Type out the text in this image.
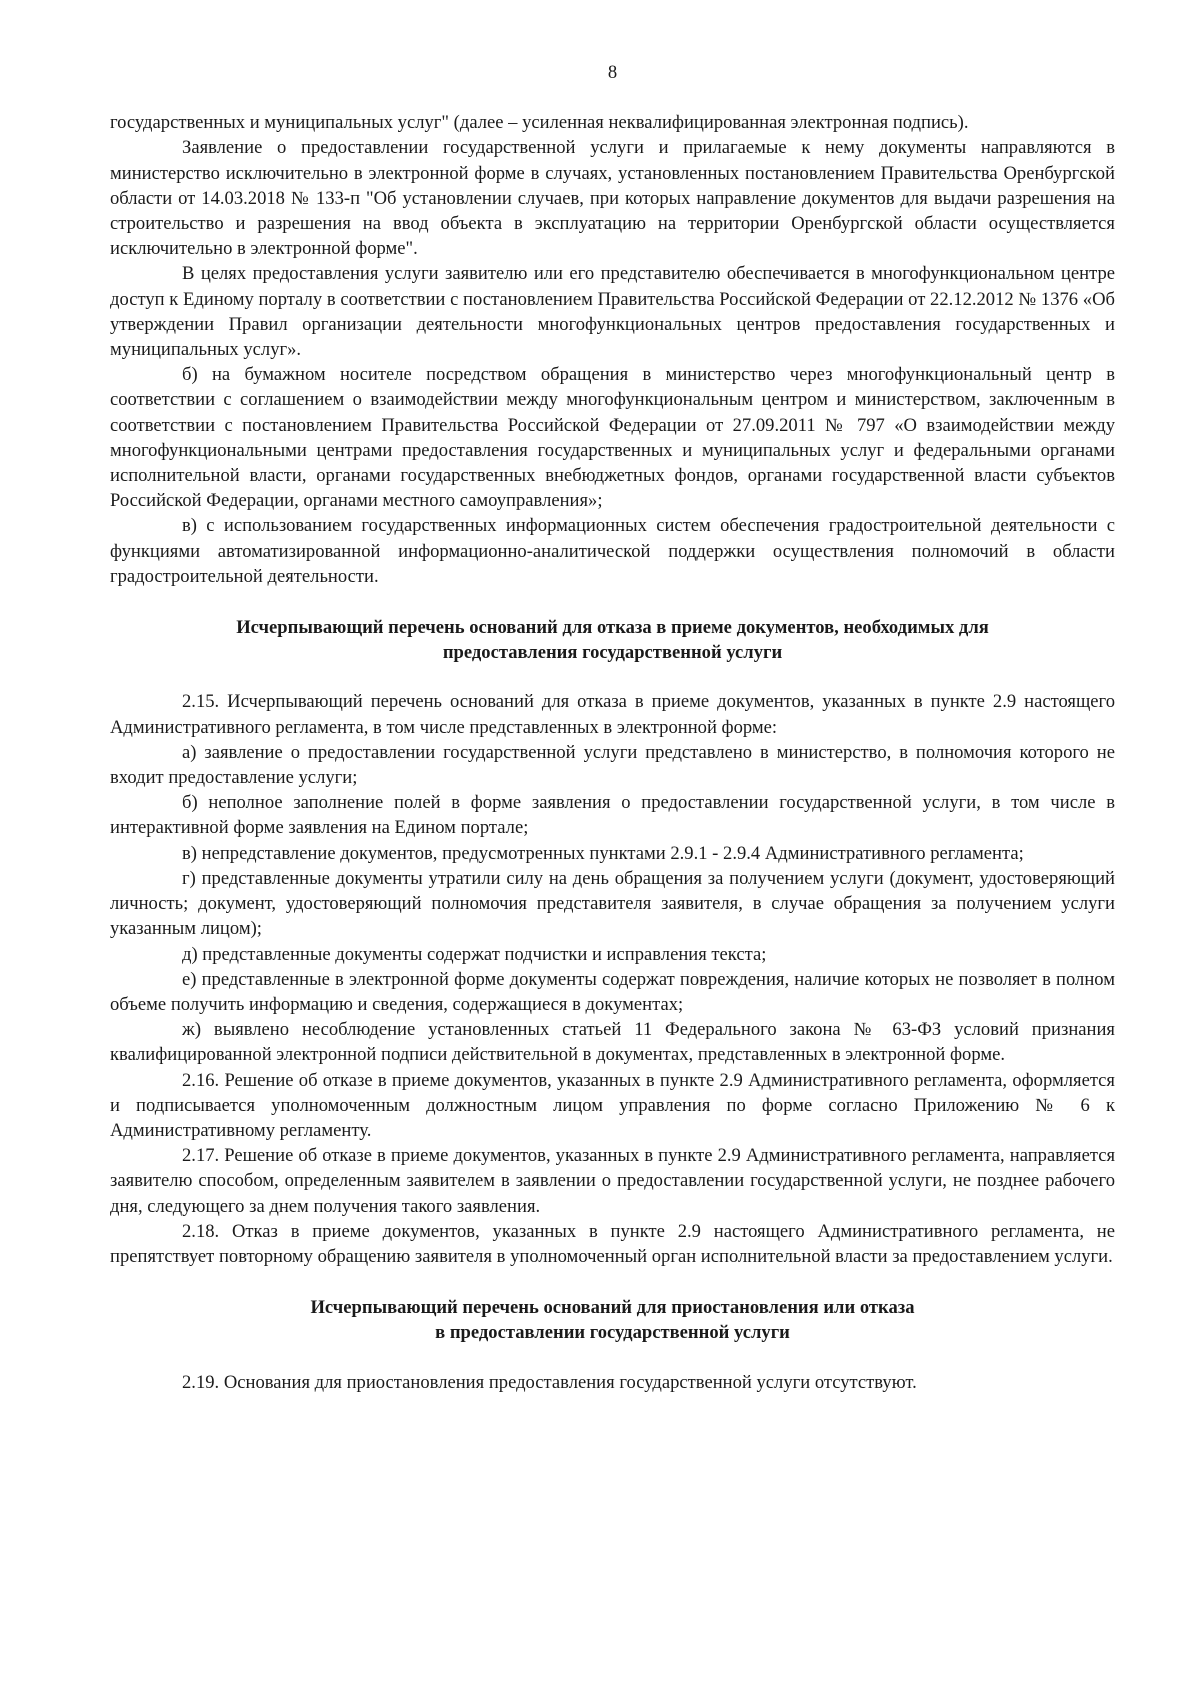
8

государственных и муниципальных услуг" (далее – усиленная неквалифицированная электронная подпись).

Заявление о предоставлении государственной услуги и прилагаемые к нему документы направляются в министерство исключительно в электронной форме в случаях, установленных постановлением Правительства Оренбургской области от 14.03.2018 № 133-п "Об установлении случаев, при которых направление документов для выдачи разрешения на строительство и разрешения на ввод объекта в эксплуатацию на территории Оренбургской области осуществляется исключительно в электронной форме".

В целях предоставления услуги заявителю или его представителю обеспечивается в многофункциональном центре доступ к Единому порталу в соответствии с постановлением Правительства Российской Федерации от 22.12.2012 № 1376 «Об утверждении Правил организации деятельности многофункциональных центров предоставления государственных и муниципальных услуг».

б) на бумажном носителе посредством обращения в министерство через многофункциональный центр в соответствии с соглашением о взаимодействии между многофункциональным центром и министерством, заключенным в соответствии с постановлением Правительства Российской Федерации от 27.09.2011 № 797 «О взаимодействии между многофункциональными центрами предоставления государственных и муниципальных услуг и федеральными органами исполнительной власти, органами государственных внебюджетных фондов, органами государственной власти субъектов Российской Федерации, органами местного самоуправления»;

в) с использованием государственных информационных систем обеспечения градостроительной деятельности с функциями автоматизированной информационно-аналитической поддержки осуществления полномочий в области градостроительной деятельности.

Исчерпывающий перечень оснований для отказа в приеме документов, необходимых для
предоставления государственной услуги

2.15. Исчерпывающий перечень оснований для отказа в приеме документов, указанных в пункте 2.9 настоящего Административного регламента, в том числе представленных в электронной форме:

а) заявление о предоставлении государственной услуги представлено в министерство, в полномочия которого не входит предоставление услуги;

б) неполное заполнение полей в форме заявления о предоставлении государственной услуги, в том числе в интерактивной форме заявления на Едином портале;

в) непредставление документов, предусмотренных пунктами 2.9.1 - 2.9.4 Административного регламента;

г) представленные документы утратили силу на день обращения за получением услуги (документ, удостоверяющий личность; документ, удостоверяющий полномочия представителя заявителя, в случае обращения за получением услуги указанным лицом);

д) представленные документы содержат подчистки и исправления текста;

е) представленные в электронной форме документы содержат повреждения, наличие которых не позволяет в полном объеме получить информацию и сведения, содержащиеся в документах;

ж) выявлено несоблюдение установленных статьей 11 Федерального закона № 63-ФЗ условий признания квалифицированной электронной подписи действительной в документах, представленных в электронной форме.

2.16. Решение об отказе в приеме документов, указанных в пункте 2.9 Административного регламента, оформляется и подписывается уполномоченным должностным лицом управления по форме согласно Приложению № 6 к Административному регламенту.

2.17. Решение об отказе в приеме документов, указанных в пункте 2.9 Административного регламента, направляется заявителю способом, определенным заявителем в заявлении о предоставлении государственной услуги, не позднее рабочего дня, следующего за днем получения такого заявления.

2.18. Отказ в приеме документов, указанных в пункте 2.9 настоящего Административного регламента, не препятствует повторному обращению заявителя в уполномоченный орган исполнительной власти за предоставлением услуги.

Исчерпывающий перечень оснований для приостановления или отказа
в предоставлении государственной услуги

2.19. Основания для приостановления предоставления государственной услуги отсутствуют.
